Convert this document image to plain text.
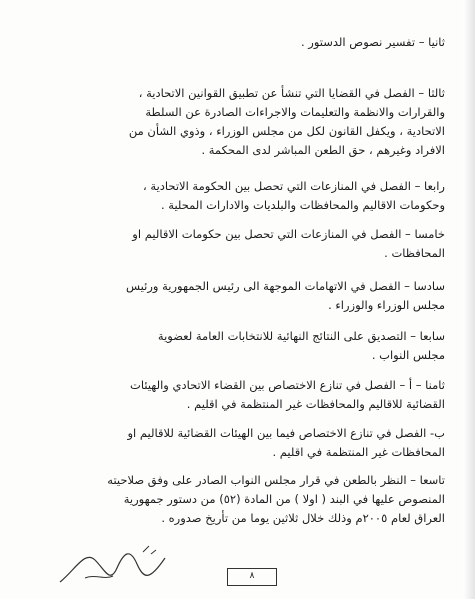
ثانيا – تفسير نصوص الدستور .
ثالثا – الفصل في القضايا التي تنشأ عن تطبيق القوانين الاتحادية ،
والقرارات والانظمة والتعليمات والاجراءات الصادرة عن السلطة
الاتحادية ، ويكفل القانون لكل من مجلس الوزراء ، وذوي الشأن من
الافراد وغيرهم ، حق الطعن المباشر لدى المحكمة .
رابعا – الفصل في المنازعات التي تحصل بين الحكومة الاتحادية ،
وحكومات الاقاليم والمحافظات والبلديات والادارات المحلية .
خامسا – الفصل في المنازعات التي تحصل بين حكومات الاقاليم او
المحافظات .
سادسا – الفصل في الاتهامات الموجهة الى رئيس الجمهورية ورئيس
مجلس الوزراء والوزراء .
سابعا – التصديق على النتائج النهائية للانتخابات العامة لعضوية
مجلس النواب .
ثامنا – أ – الفصل في تنازع الاختصاص بين القضاء الاتحادي والهيئات
القضائية للاقاليم والمحافظات غير المنتظمة في اقليم .
ب- الفصل في تنازع الاختصاص فيما بين الهيئات القضائية للاقاليم او
المحافظات غير المنتظمة في اقليم .
تاسعا – النظر بالطعن في قرار مجلس النواب الصادر على وفق صلاحيته
المنصوص عليها في البند ( اولا ) من المادة (٥٢) من دستور جمهورية
العراق لعام ٢٠٠٥م وذلك خلال ثلاثين يوما من تأريخ صدوره .
٨
